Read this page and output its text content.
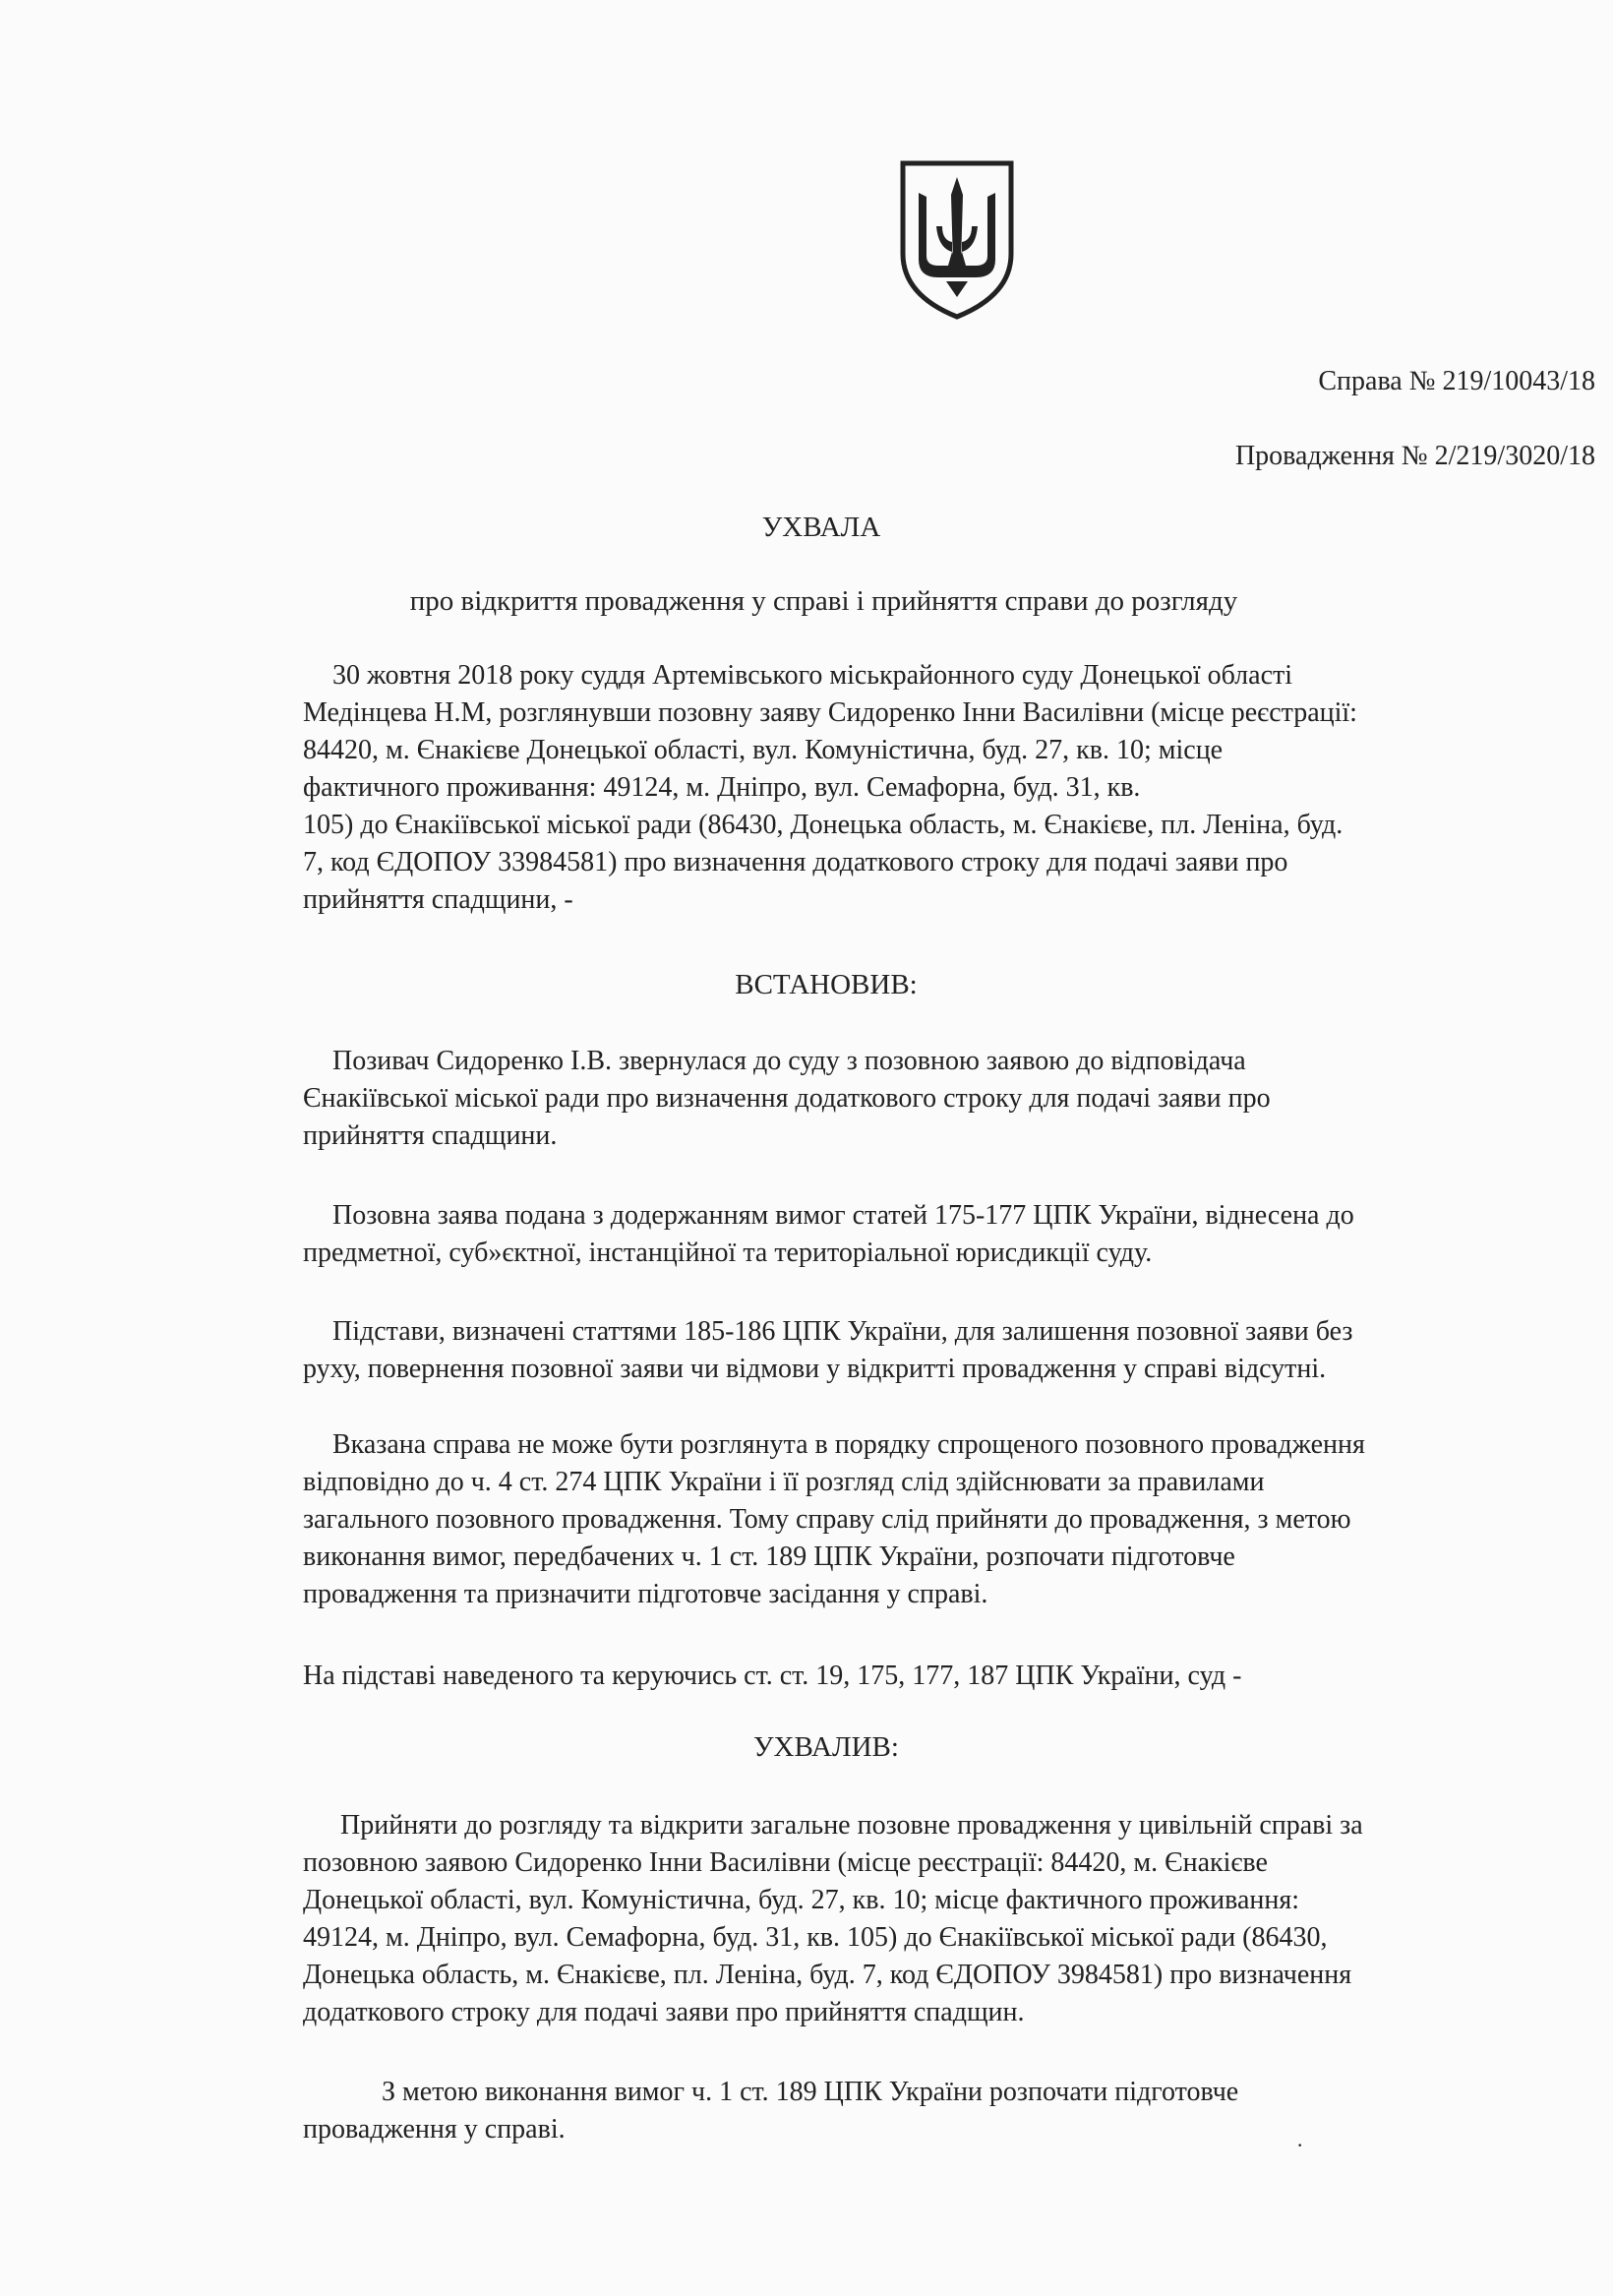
Справа № 219/10043/18
Провадження № 2/219/3020/18
УХВАЛА
про відкриття провадження у справі і прийняття справи до розгляду
30 жовтня 2018 року суддя Артемівського міськрайонного суду Донецької області
Медінцева Н.М, розглянувши позовну заяву Сидоренко Інни Василівни (місце реєстрації:
84420, м. Єнакієве Донецької області, вул. Комуністична, буд. 27, кв. 10; місце
фактичного проживання: 49124, м. Дніпро, вул. Семафорна, буд. 31, кв.
105) до Єнакіївської міської ради (86430, Донецька область, м. Єнакієве, пл. Леніна, буд.
7, код ЄДОПОУ 33984581) про визначення додаткового строку для подачі заяви про
прийняття спадщини, -
ВСТАНОВИВ:
Позивач Сидоренко І.В. звернулася до суду з позовною заявою до відповідача
Єнакіївської міської ради про визначення додаткового строку для подачі заяви про
прийняття спадщини.
Позовна заява подана з додержанням вимог статей 175-177 ЦПК України, віднесена до
предметної, суб»єктної, інстанційної та територіальної юрисдикції суду.
Підстави, визначені статтями 185-186 ЦПК України, для залишення позовної заяви без
руху, повернення позовної заяви чи відмови у відкритті провадження у справі відсутні.
Вказана справа не може бути розглянута в порядку спрощеного позовного провадження
відповідно до ч. 4 ст. 274 ЦПК України і її розгляд слід здійснювати за правилами
загального позовного провадження. Тому справу слід прийняти до провадження, з метою
виконання вимог, передбачених ч. 1 ст. 189 ЦПК України, розпочати підготовче
провадження та призначити підготовче засідання у справі.
На підставі наведеного та керуючись ст. ст. 19, 175, 177, 187 ЦПК України, суд -
УХВАЛИВ:
Прийняти до розгляду та відкрити загальне позовне провадження у цивільній справі за
позовною заявою Сидоренко Інни Василівни (місце реєстрації: 84420, м. Єнакієве
Донецької області, вул. Комуністична, буд. 27, кв. 10; місце фактичного проживання:
49124, м. Дніпро, вул. Семафорна, буд. 31, кв. 105) до Єнакіївської міської ради (86430,
Донецька область, м. Єнакієве, пл. Леніна, буд. 7, код ЄДОПОУ 3984581) про визначення
додаткового строку для подачі заяви про прийняття спадщин.
З метою виконання вимог ч. 1 ст. 189 ЦПК України розпочати підготовче
провадження у справі.
·
